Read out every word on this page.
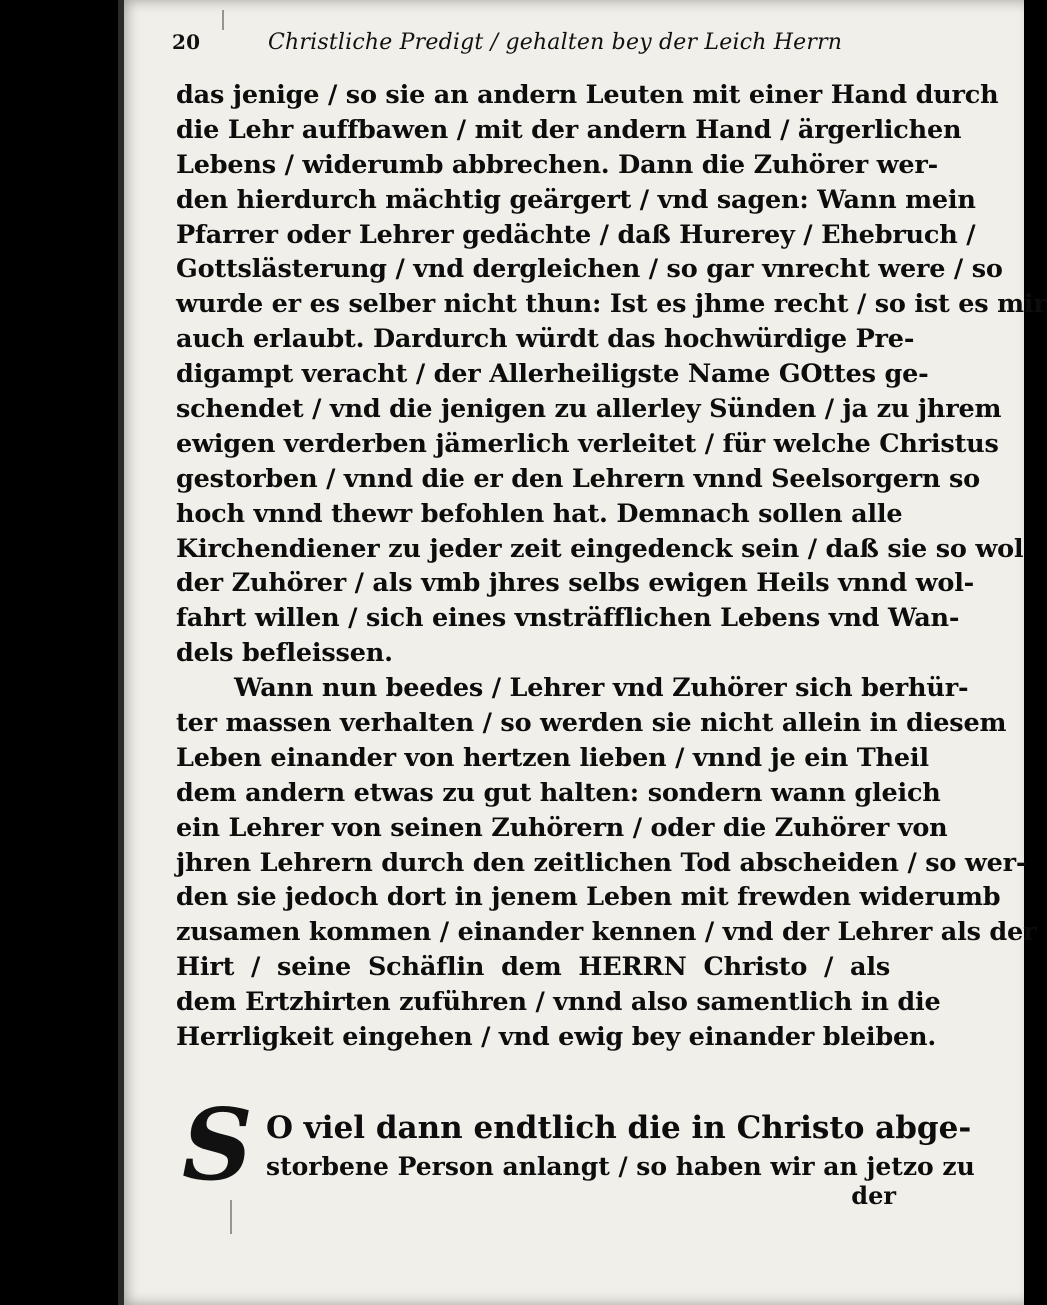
20	Christliche Predigt / gehalten bey der Leich Herrn
das jenige / so sie an andern Leuten mit einer Hand durch
die Lehr auffbawen / mit der andern Hand / ärgerlichen
Lebens / widerumb abbrechen. Dann die Zuhörer wer-
den hierdurch mächtig geärgert / vnd sagen: Wann mein
Pfarrer oder Lehrer gedächte / daß Hurerey / Ehebruch /
Gottslästerung / vnd dergleichen / so gar vnrecht were / so
wurde er es selber nicht thun: Ist es jhme recht / so ist es mir
auch erlaubt. Dardurch würdt das hochwürdige Pre-
digampt veracht / der Allerheiligste Name GOttes ge-
schendet / vnd die jenigen zu allerley Sünden / ja zu jhrem
ewigen verderben jämerlich verleitet / für welche Christus
gestorben / vnnd die er den Lehrern vnnd Seelsorgern so
hoch vnnd thewr befohlen hat. Demnach sollen alle
Kirchendiener zu jeder zeit eingedenck sein / daß sie so wol
der Zuhörer / als vmb jhres selbs ewigen Heils vnnd wol-
fahrt willen / sich eines vnsträfflichen Lebens vnd Wan-
dels befleissen.
Wann nun beedes / Lehrer vnd Zuhörer sich berhür-
ter massen verhalten / so werden sie nicht allein in diesem
Leben einander von hertzen lieben / vnnd je ein Theil
dem andern etwas zu gut halten: sondern wann gleich
ein Lehrer von seinen Zuhörern / oder die Zuhörer von
jhren Lehrern durch den zeitlichen Tod abscheiden / so wer-
den sie jedoch dort in jenem Leben mit frewden widerumb
zusamen kommen / einander kennen / vnd der Lehrer als der
Hirt / seine Schäflin dem HERRN Christo / als
dem Ertzhirten zuführen / vnnd also samentlich in die
Herrligkeit eingehen / vnd ewig bey einander bleiben.
S O viel dann endtlich die in Christo abge-
storbene Person anlangt / so haben wir an jetzo zu
der
